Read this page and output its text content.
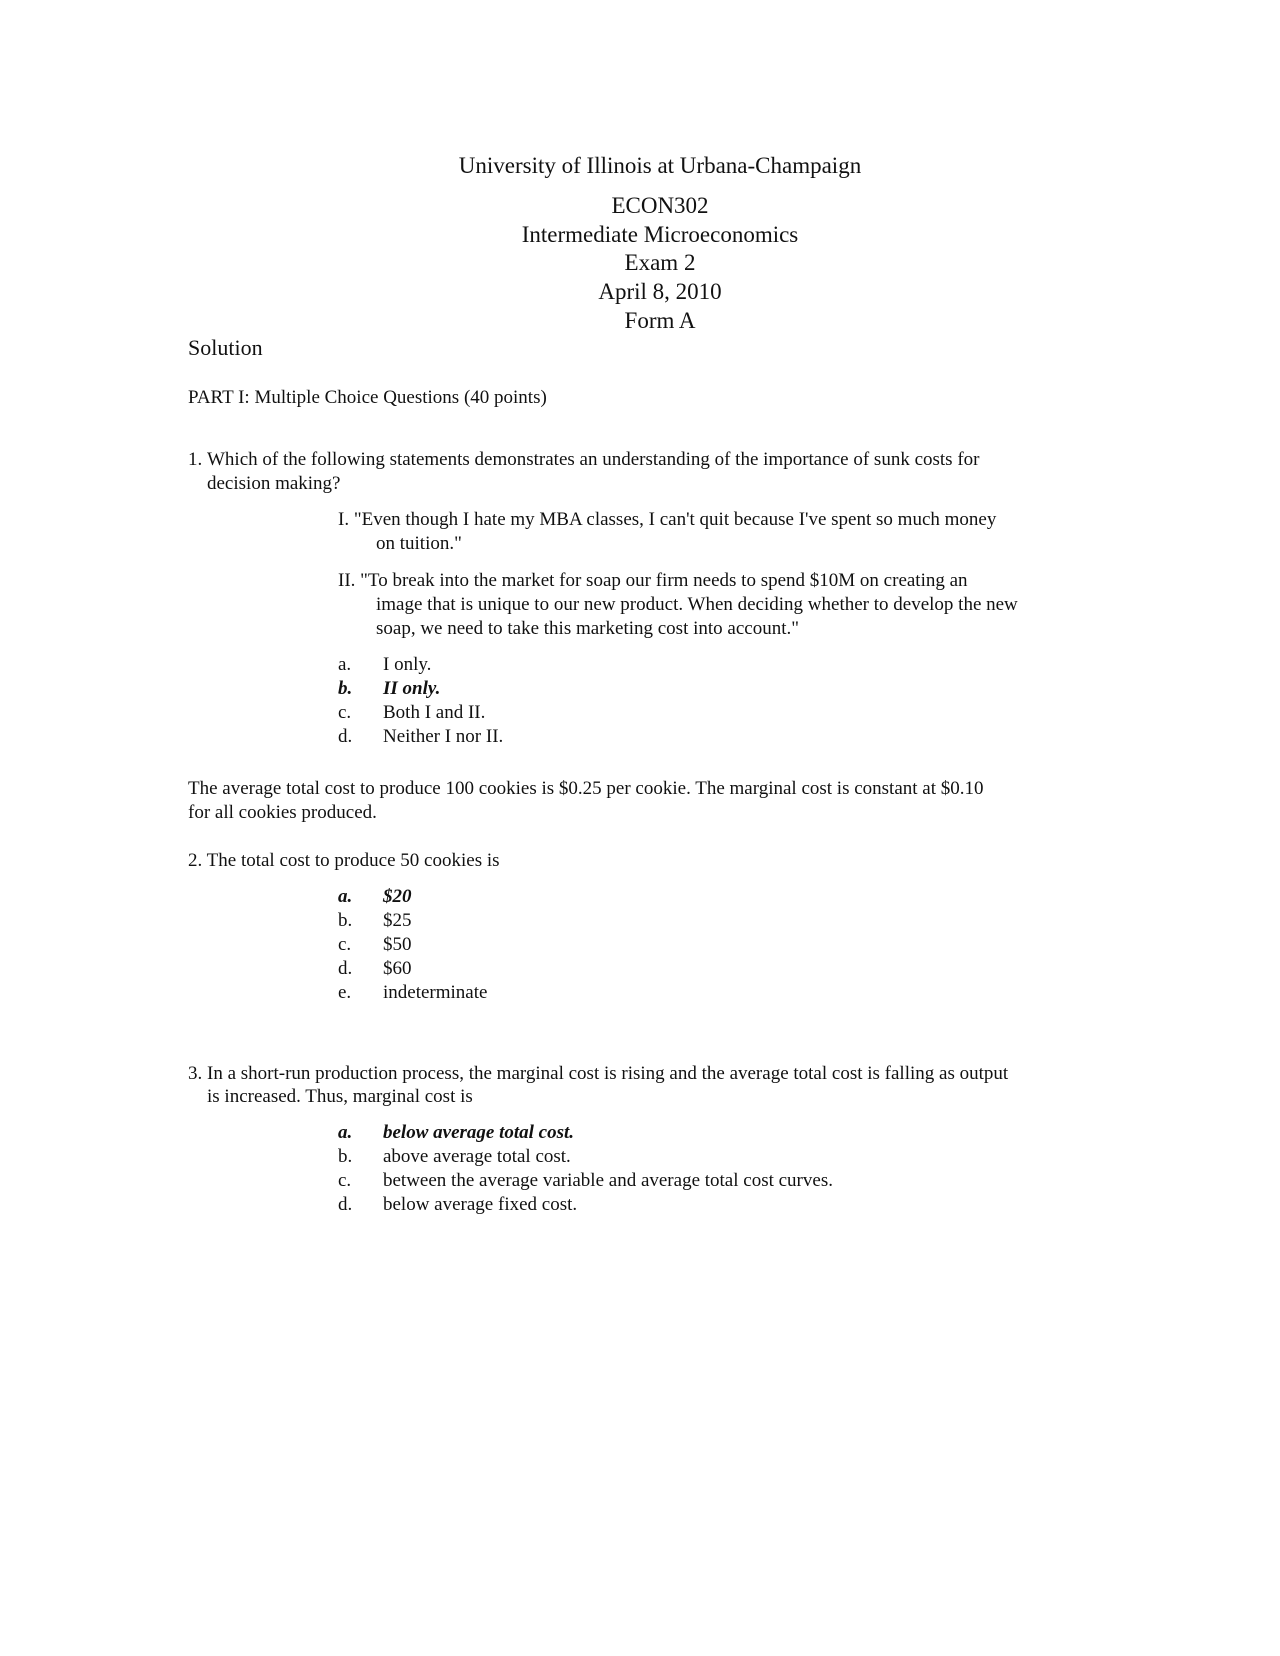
University of Illinois at Urbana-Champaign
ECON302
Intermediate Microeconomics
Exam 2
April 8, 2010
Form A
Solution
PART I: Multiple Choice Questions (40 points)
1. Which of the following statements demonstrates an understanding of the importance of sunk costs for
decision making?
I. "Even though I hate my MBA classes, I can't quit because I've spent so much money
on tuition."
II. "To break into the market for soap our firm needs to spend $10M on creating an
image that is unique to our new product. When deciding whether to develop the new
soap, we need to take this marketing cost into account."
a. I only.
b. II only.
c. Both I and II.
d. Neither I nor II.
The average total cost to produce 100 cookies is $0.25 per cookie. The marginal cost is constant at $0.10
for all cookies produced.
2. The total cost to produce 50 cookies is
a. $20
b. $25
c. $50
d. $60
e. indeterminate
3. In a short-run production process, the marginal cost is rising and the average total cost is falling as output
is increased. Thus, marginal cost is
a. below average total cost.
b. above average total cost.
c. between the average variable and average total cost curves.
d. below average fixed cost.
